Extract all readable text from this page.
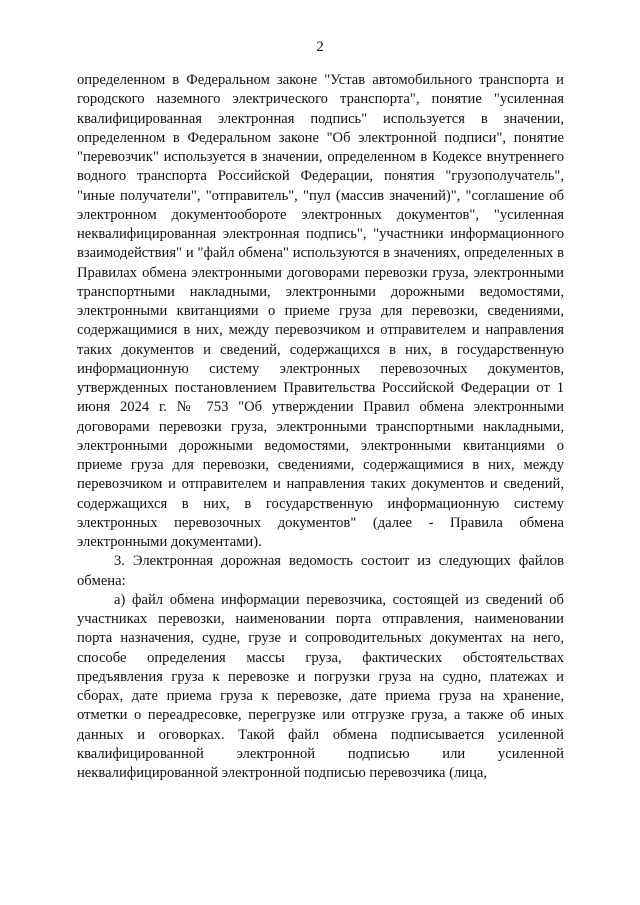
2

определенном в Федеральном законе "Устав автомобильного транспорта и городского наземного электрического транспорта", понятие "усиленная квалифицированная электронная подпись" используется в значении, определенном в Федеральном законе "Об электронной подписи", понятие "перевозчик" используется в значении, определенном в Кодексе внутреннего водного транспорта Российской Федерации, понятия "грузополучатель", "иные получатели", "отправитель", "пул (массив значений)", "соглашение об электронном документообороте электронных документов", "усиленная неквалифицированная электронная подпись", "участники информационного взаимодействия" и "файл обмена" используются в значениях, определенных в Правилах обмена электронными договорами перевозки груза, электронными транспортными накладными, электронными дорожными ведомостями, электронными квитанциями о приеме груза для перевозки, сведениями, содержащимися в них, между перевозчиком и отправителем и направления таких документов и сведений, содержащихся в них, в государственную информационную систему электронных перевозочных документов, утвержденных постановлением Правительства Российской Федерации от 1 июня 2024 г. № 753 "Об утверждении Правил обмена электронными договорами перевозки груза, электронными транспортными накладными, электронными дорожными ведомостями, электронными квитанциями о приеме груза для перевозки, сведениями, содержащимися в них, между перевозчиком и отправителем и направления таких документов и сведений, содержащихся в них, в государственную информационную систему электронных перевозочных документов" (далее - Правила обмена электронными документами).

3. Электронная дорожная ведомость состоит из следующих файлов обмена:

а) файл обмена информации перевозчика, состоящей из сведений об участниках перевозки, наименовании порта отправления, наименовании порта назначения, судне, грузе и сопроводительных документах на него, способе определения массы груза, фактических обстоятельствах предъявления груза к перевозке и погрузки груза на судно, платежах и сборах, дате приема груза к перевозке, дате приема груза на хранение, отметки о переадресовке, перегрузке или отгрузке груза, а также об иных данных и оговорках. Такой файл обмена подписывается усиленной квалифицированной электронной подписью или усиленной неквалифицированной электронной подписью перевозчика (лица,
